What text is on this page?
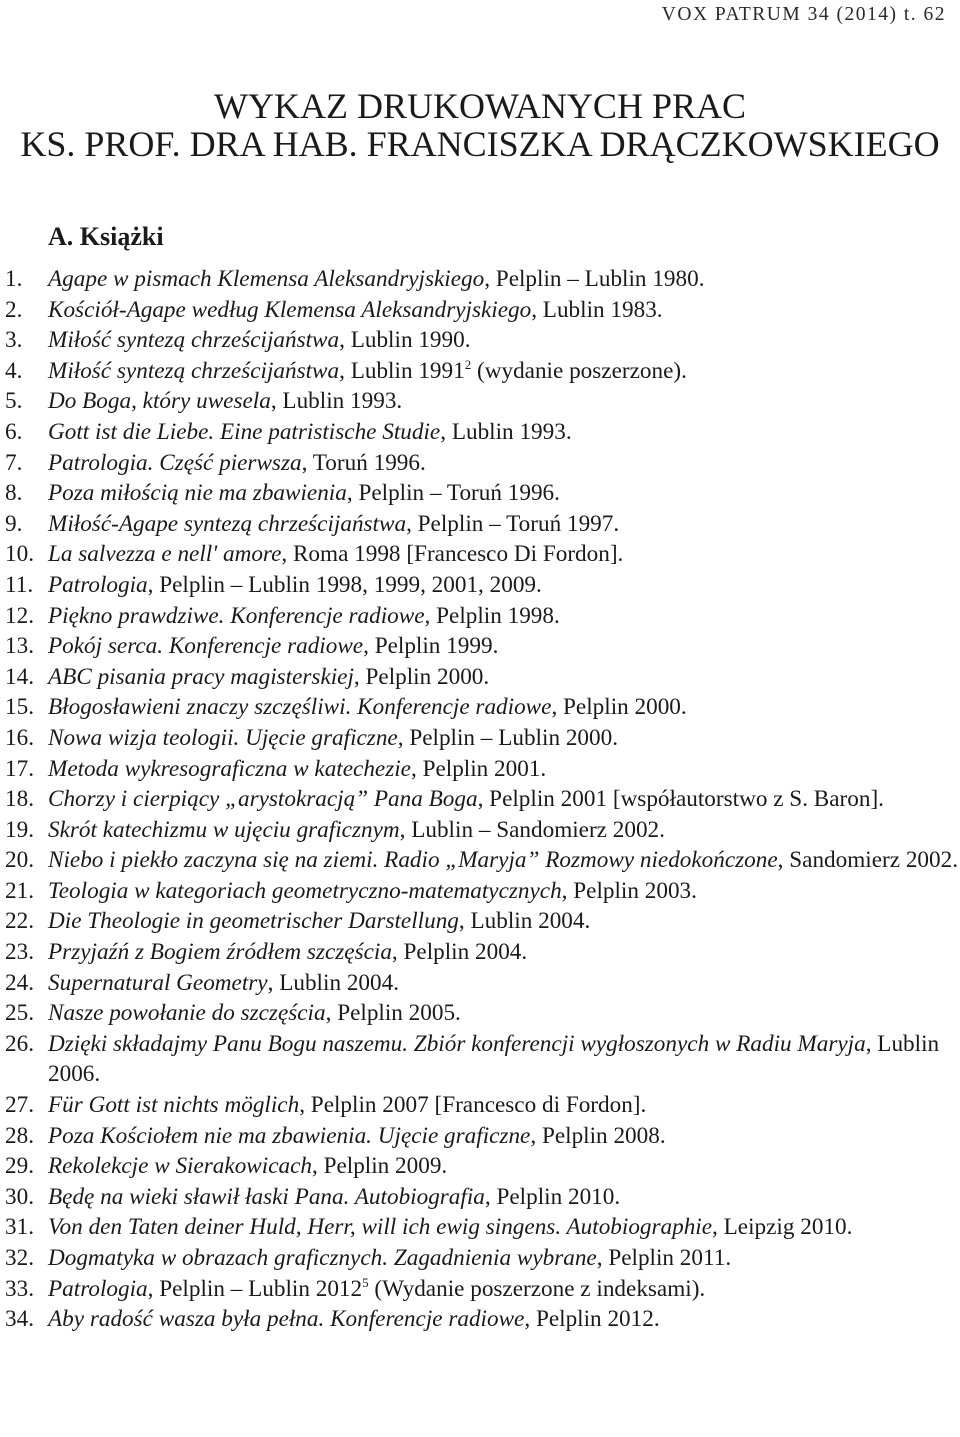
VOX PATRUM 34 (2014) t. 62
WYKAZ DRUKOWANYCH PRAC
KS. PROF. DRA HAB. FRANCISZKA DRĄCZKOWSKIEGO
A. Książki
1. Agape w pismach Klemensa Aleksandryjskiego, Pelplin – Lublin 1980.
2. Kościół-Agape według Klemensa Aleksandryjskiego, Lublin 1983.
3. Miłość syntezą chrześcijaństwa, Lublin 1990.
4. Miłość syntezą chrześcijaństwa, Lublin 1991$^2$ (wydanie poszerzone).
5. Do Boga, który uwesela, Lublin 1993.
6. Gott ist die Liebe. Eine patristische Studie, Lublin 1993.
7. Patrologia. Część pierwsza, Toruń 1996.
8. Poza miłością nie ma zbawienia, Pelplin – Toruń 1996.
9. Miłość-Agape syntezą chrześcijaństwa, Pelplin – Toruń 1997.
10. La salvezza e nell' amore, Roma 1998 [Francesco Di Fordon].
11. Patrologia, Pelplin – Lublin 1998, 1999, 2001, 2009.
12. Piękno prawdziwe. Konferencje radiowe, Pelplin 1998.
13. Pokój serca. Konferencje radiowe, Pelplin 1999.
14. ABC pisania pracy magisterskiej, Pelplin 2000.
15. Błogosławieni znaczy szczęśliwi. Konferencje radiowe, Pelplin 2000.
16. Nowa wizja teologii. Ujęcie graficzne, Pelplin – Lublin 2000.
17. Metoda wykresograficzna w katechezie, Pelplin 2001.
18. Chorzy i cierpiący „arystokracją” Pana Boga, Pelplin 2001 [współautorstwo z S. Baron].
19. Skrót katechizmu w ujęciu graficznym, Lublin – Sandomierz 2002.
20. Niebo i piekło zaczyna się na ziemi. Radio „Maryja” Rozmowy niedokończone, Sandomierz 2002.
21. Teologia w kategoriach geometryczno-matematycznych, Pelplin 2003.
22. Die Theologie in geometrischer Darstellung, Lublin 2004.
23. Przyjaźń z Bogiem źródłem szczęścia, Pelplin 2004.
24. Supernatural Geometry, Lublin 2004.
25. Nasze powołanie do szczęścia, Pelplin 2005.
26. Dzięki składajmy Panu Bogu naszemu. Zbiór konferencji wygłoszonych w Radiu Maryja, Lublin 2006.
27. Für Gott ist nichts möglich, Pelplin 2007 [Francesco di Fordon].
28. Poza Kościołem nie ma zbawienia. Ujęcie graficzne, Pelplin 2008.
29. Rekolekcje w Sierakowicach, Pelplin 2009.
30. Będę na wieki sławił łaski Pana. Autobiografia, Pelplin 2010.
31. Von den Taten deiner Huld, Herr, will ich ewig singens. Autobiographie, Leipzig 2010.
32. Dogmatyka w obrazach graficznych. Zagadnienia wybrane, Pelplin 2011.
33. Patrologia, Pelplin – Lublin 2012$^5$ (Wydanie poszerzone z indeksami).
34. Aby radość wasza była pełna. Konferencje radiowe, Pelplin 2012.
